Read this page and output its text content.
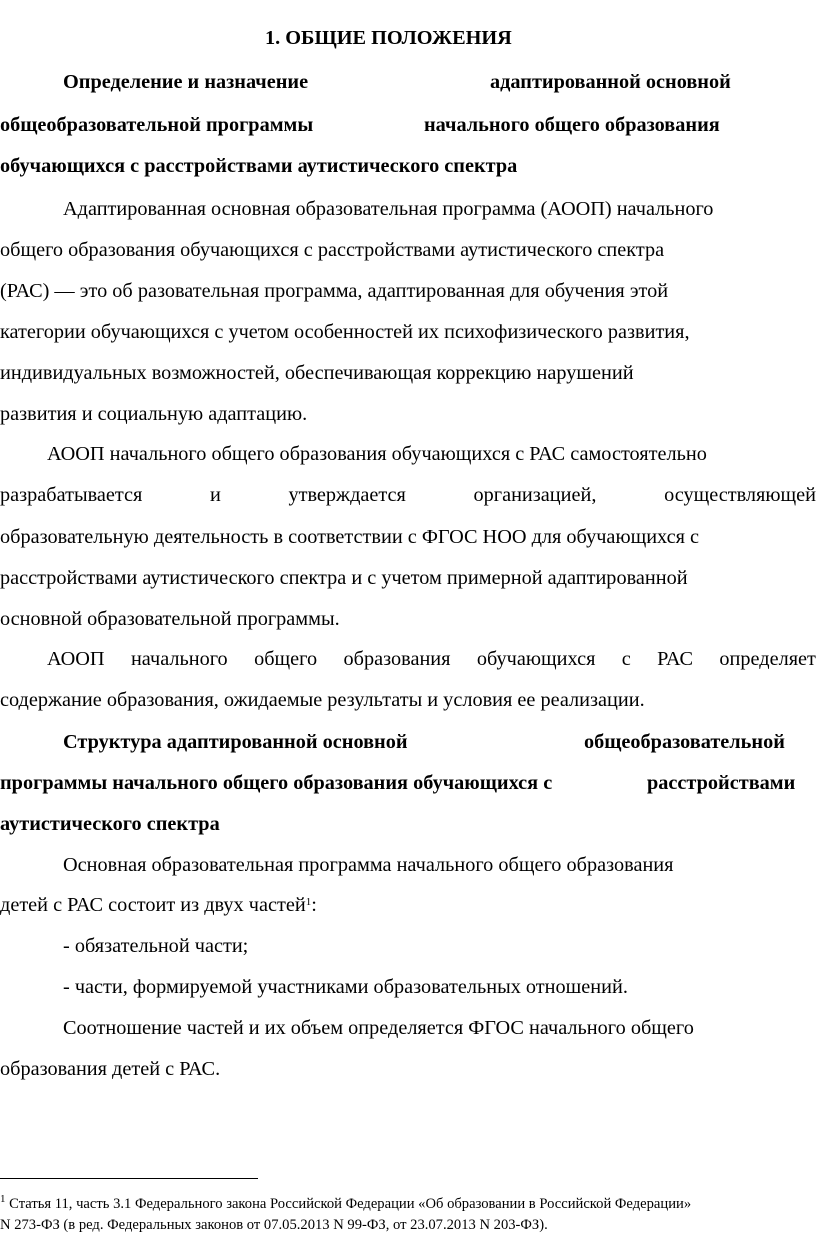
1. ОБЩИЕ ПОЛОЖЕНИЯ
Определение и назначение	адаптированной основной
общеобразовательной программы	начального общего образования
обучающихся с расстройствами аутистического спектра
Адаптированная основная образовательная программа (АООП) начального
общего образования обучающихся с расстройствами аутистического спектра
(РАС) — это об разовательная программа, адаптированная для обучения этой
категории обучающихся с учетом особенностей их психофизического развития,
индивидуальных возможностей, обеспечивающая коррекцию нарушений
развития и социальную адаптацию.
АООП начального общего образования обучающихся с РАС самостоятельно
разрабатывается	и	утверждается	организацией,	осуществляющей
образовательную деятельность в соответствии с ФГОС НОО для обучающихся с
расстройствами аутистического спектра и с учетом примерной адаптированной
основной образовательной программы.
АООП начального общего образования обучающихся с РАС определяет
содержание образования, ожидаемые результаты и условия ее реализации.
Структура адаптированной основной	общеобразовательной
программы начального общего образования обучающихся с	расстройствами
аутистического спектра
Основная образовательная программа начального общего образования
детей с РАС состоит из двух частей$^1$:
- обязательной части;
- части, формируемой участниками образовательных отношений.
Соотношение частей и их объем определяется ФГОС начального общего
образования детей с РАС.
$^1$ Статья 11, часть 3.1 Федерального закона Российской Федерации «Об образовании в Российской Федерации»
N 273-ФЗ (в ред. Федеральных законов от 07.05.2013 N 99-ФЗ, от 23.07.2013 N 203-ФЗ).
